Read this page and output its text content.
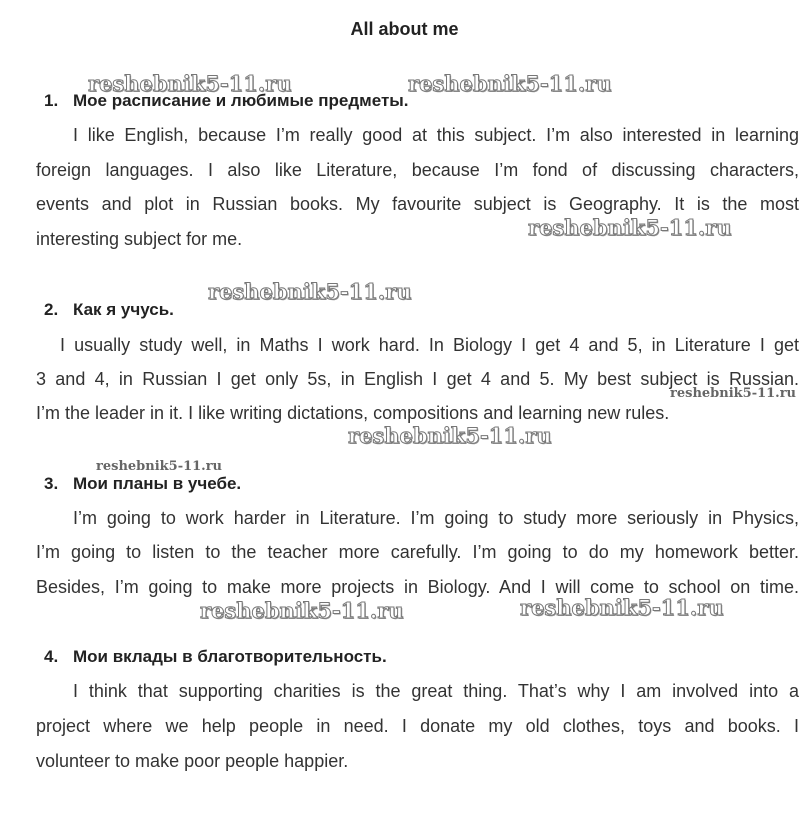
All about me
reshebnik5-11.ru	reshebnik5-11.ru
1. Мое расписание и любимые предметы.
I like English, because I’m really good at this subject. I’m also interested in learning
foreign languages. I also like Literature, because I’m fond of discussing characters,
events and plot in Russian books. My favourite subject is Geography. It is the most
interesting subject for me.	reshebnik5-11.ru
reshebnik5-11.ru
2. Как я учусь.
I usually study well, in Maths I work hard. In Biology I get 4 and 5, in Literature I get
3 and 4, in Russian I get only 5s, in English I get 4 and 5. My best subject is Russian.
reshebnik5-11.ru
I’m the leader in it. I like writing dictations, compositions and learning new rules.
reshebnik5-11.ru
reshebnik5-11.ru
3. Мои планы в учебе.
I’m going to work harder in Literature. I’m going to study more seriously in Physics,
I’m going to listen to the teacher more carefully. I’m going to do my homework better.
Besides, I’m going to make more projects in Biology. And I will come to school on time.
reshebnik5-11.ru	reshebnik5-11.ru
4. Мои вклады в благотворительность.
I think that supporting charities is the great thing. That’s why I am involved into a
project where we help people in need. I donate my old clothes, toys and books. I
volunteer to make poor people happier.
